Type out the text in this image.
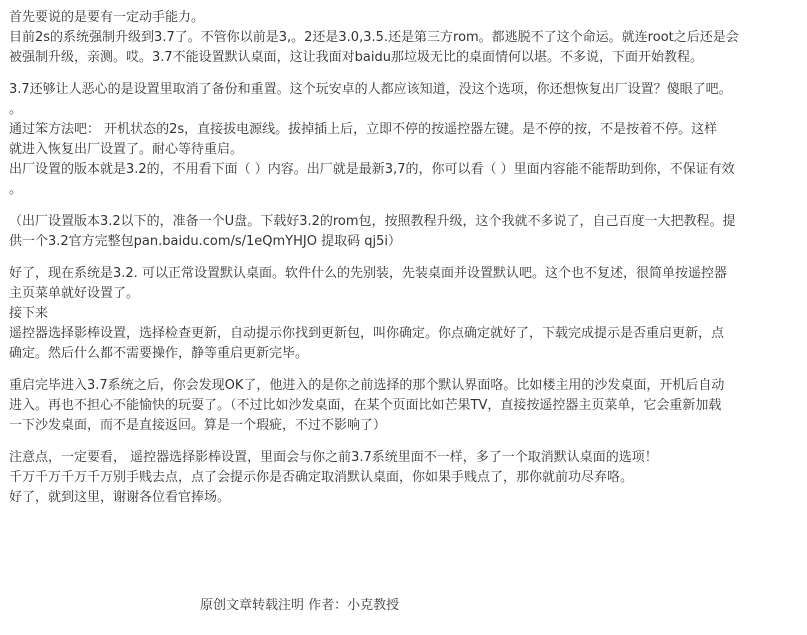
首先要说的是要有一定动手能力。
目前2s的系统强制升级到3.7了。不管你以前是3,。2还是3.0,3.5.还是第三方rom。都逃脱不了这个命运。就连root之后还是会
被强制升级，亲测。哎。3.7不能设置默认桌面，这让我面对baidu那垃圾无比的桌面情何以堪。不多说，下面开始教程。
3.7还够让人恶心的是设置里取消了备份和重置。这个玩安卓的人都应该知道，没这个选项，你还想恢复出厂设置？傻眼了吧。
。
通过笨方法吧： 开机状态的2s，直接拔电源线。拔掉插上后，立即不停的按遥控器左键。是不停的按，不是按着不停。这样
就进入恢复出厂设置了。耐心等待重启。
出厂设置的版本就是3.2的，不用看下面（ ）内容。出厂就是最新3,7的，你可以看（ ）里面内容能不能帮助到你，不保证有效
。
（出厂设置版本3.2以下的，准备一个U盘。下载好3.2的rom包，按照教程升级，这个我就不多说了，自己百度一大把教程。提
供一个3.2官方完整包pan.baidu.com/s/1eQmYHJO 提取码 qj5i）
好了，现在系统是3.2. 可以正常设置默认桌面。软件什么的先别装，先装桌面并设置默认吧。这个也不复述，很简单按遥控器
主页菜单就好设置了。
接下来
遥控器选择影棒设置，选择检查更新，自动提示你找到更新包，叫你确定。你点确定就好了，下载完成提示是否重启更新，点
确定。然后什么都不需要操作，静等重启更新完毕。
重启完毕进入3.7系统之后，你会发现OK了，他进入的是你之前选择的那个默认界面咯。比如楼主用的沙发桌面，开机后自动
进入。再也不担心不能愉快的玩耍了。（不过比如沙发桌面，在某个页面比如芒果TV，直接按遥控器主页菜单，它会重新加载
一下沙发桌面，而不是直接返回。算是一个瑕疵，不过不影响了）
注意点，一定要看， 遥控器选择影棒设置，里面会与你之前3.7系统里面不一样，多了一个取消默认桌面的选项！
千万千万千万千万别手贱去点，点了会提示你是否确定取消默认桌面，你如果手贱点了，那你就前功尽弃咯。
好了，就到这里，谢谢各位看官捧场。
原创文章转载注明 作者：小克教授
